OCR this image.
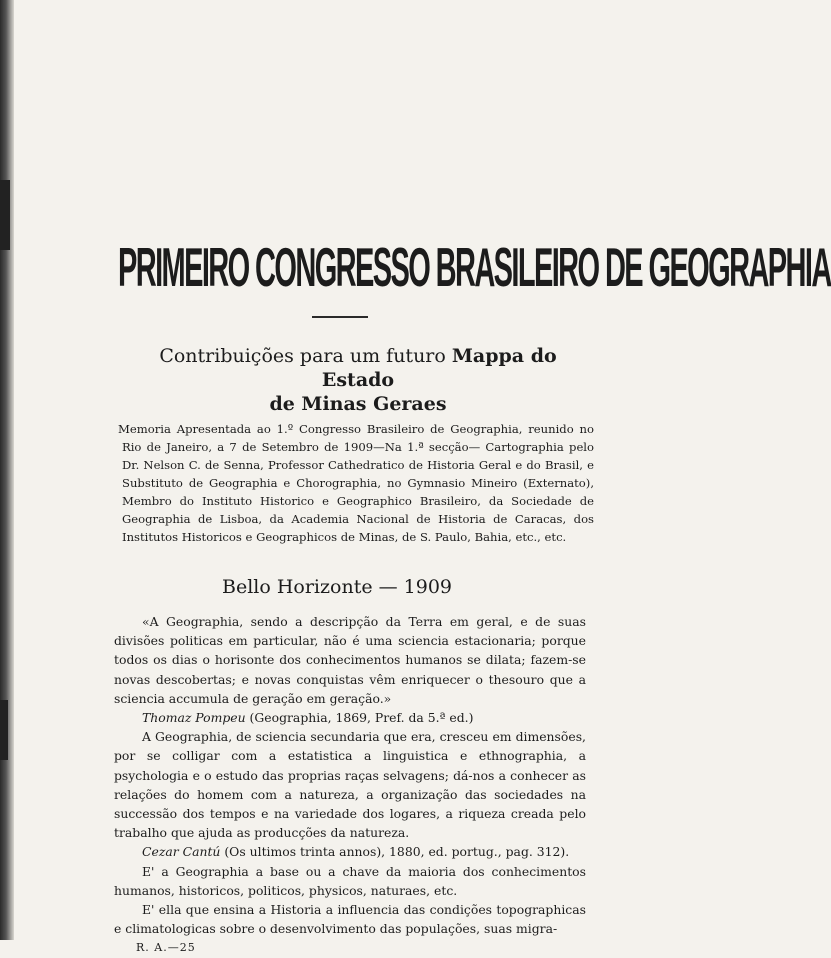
PRIMEIRO CONGRESSO BRASILEIRO DE GEOGRAPHIA

Contribuições para um futuro Mappa do Estado
de Minas Geraes

Memoria Apresentada ao 1.º Congresso Brasileiro de Geographia, reunido no Rio de Janeiro, a 7 de Setembro de 1909—Na 1.ª secção— Cartographia pelo Dr. Nelson C. de Senna, Professor Cathedratico de Historia Geral e do Brasil, e Substituto de Geographia e Chorographia, no Gymnasio Mineiro (Externato), Membro do Instituto Historico e Geographico Brasileiro, da Sociedade de Geographia de Lisboa, da Academia Nacional de Historia de Caracas, dos Institutos Historicos e Geographicos de Minas, de S. Paulo, Bahia, etc., etc.

Bello Horizonte — 1909

«A Geographia, sendo a descripção da Terra em geral, e de suas divisões politicas em particular, não é uma sciencia estacionaria; porque todos os dias o horisonte dos conhecimentos humanos se dilata; fazem-se novas descobertas; e novas conquistas vêm enriquecer o thesouro que a sciencia accumula de geração em geração.»

Thomaz Pompeu (Geographia, 1869, Pref. da 5.ª ed.)

A Geographia, de sciencia secundaria que era, cresceu em dimensões, por se colligar com a estatistica a linguistica e ethnographia, a psychologia e o estudo das proprias raças selvagens; dá-nos a conhecer as relações do homem com a natureza, a organização das sociedades na successão dos tempos e na variedade dos logares, a riqueza creada pelo trabalho que ajuda as producções da natureza.

Cezar Cantú (Os ultimos trinta annos), 1880, ed. portug., pag. 312).

E' a Geographia a base ou a chave da maioria dos conhecimentos humanos, historicos, politicos, physicos, naturaes, etc.

E' ella que ensina a Historia a influencia das condições topographicas e climatologicas sobre o desenvolvimento das populações, suas migra-

R. A.—25
